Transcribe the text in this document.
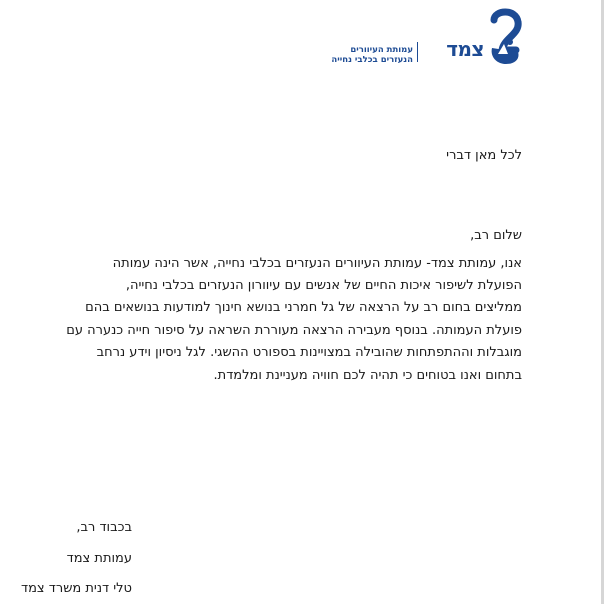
צמד
עמותת העיוורים
הנעזרים בכלבי נחייה
לכל מאן דברי
שלום רב,
אנו, עמותת צמד- עמותת העיוורים הנעזרים בכלבי נחייה, אשר הינה עמותה
הפועלת לשיפור איכות החיים של אנשים עם עיוורון הנעזרים בכלבי נחייה,
ממליצים בחום רב על הרצאה של גל חמרני בנושא חינוך למודעות בנושאים בהם
פועלת העמותה. בנוסף מעבירה הרצאה מעוררת השראה על סיפור חייה כנערה עם
מוגבלות וההתפתחות שהובילה במצויינות בספורט ההשגי. לגל ניסיון וידע נרחב
בתחום ואנו בטוחים כי תהיה לכם חוויה מעניינת ומלמדת.
בכבוד רב,
עמותת צמד
טלי דנית משרד צמד
